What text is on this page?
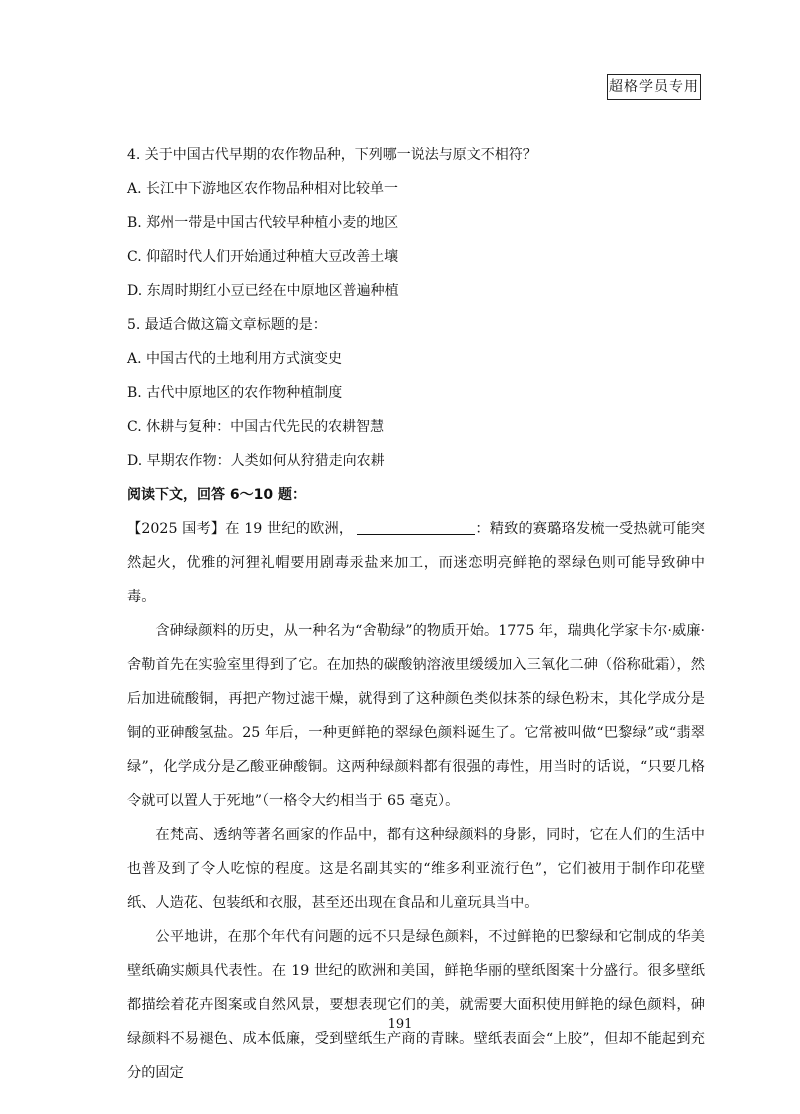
超格学员专用
4. 关于中国古代早期的农作物品种，下列哪一说法与原文不相符？
A. 长江中下游地区农作物品种相对比较单一
B. 郑州一带是中国古代较早种植小麦的地区
C. 仰韶时代人们开始通过种植大豆改善土壤
D. 东周时期红小豆已经在中原地区普遍种植
5. 最适合做这篇文章标题的是：
A. 中国古代的土地利用方式演变史
B. 古代中原地区的农作物种植制度
C. 休耕与复种：中国古代先民的农耕智慧
D. 早期农作物：人类如何从狩猎走向农耕
阅读下文，回答 6～10 题：

【2025 国考】在 19 世纪的欧洲，	：精致的赛璐珞发梳一受热就可能突然起火，优雅的河狸礼帽要用剧毒汞盐来加工，而迷恋明亮鲜艳的翠绿色则可能导致砷中毒。

含砷绿颜料的历史，从一种名为“舍勒绿”的物质开始。1775 年，瑞典化学家卡尔·威廉·舍勒首先在实验室里得到了它。在加热的碳酸钠溶液里缓缓加入三氧化二砷（俗称砒霜），然后加进硫酸铜，再把产物过滤干燥，就得到了这种颜色类似抹茶的绿色粉末，其化学成分是铜的亚砷酸氢盐。25 年后，一种更鲜艳的翠绿色颜料诞生了。它常被叫做“巴黎绿”或“翡翠绿”，化学成分是乙酸亚砷酸铜。这两种绿颜料都有很强的毒性，用当时的话说，“只要几格令就可以置人于死地”（一格令大约相当于 65 毫克）。

在梵高、透纳等著名画家的作品中，都有这种绿颜料的身影，同时，它在人们的生活中也普及到了令人吃惊的程度。这是名副其实的“维多利亚流行色”，它们被用于制作印花壁纸、人造花、包装纸和衣服，甚至还出现在食品和儿童玩具当中。

公平地讲，在那个年代有问题的远不只是绿色颜料，不过鲜艳的巴黎绿和它制成的华美壁纸确实颇具代表性。在 19 世纪的欧洲和美国，鲜艳华丽的壁纸图案十分盛行。很多壁纸都描绘着花卉图案或自然风景，要想表现它们的美，就需要大面积使用鲜艳的绿色颜料，砷绿颜料不易褪色、成本低廉，受到壁纸生产商的青睐。壁纸表面会“上胶”，但却不能起到充分的固定

191
